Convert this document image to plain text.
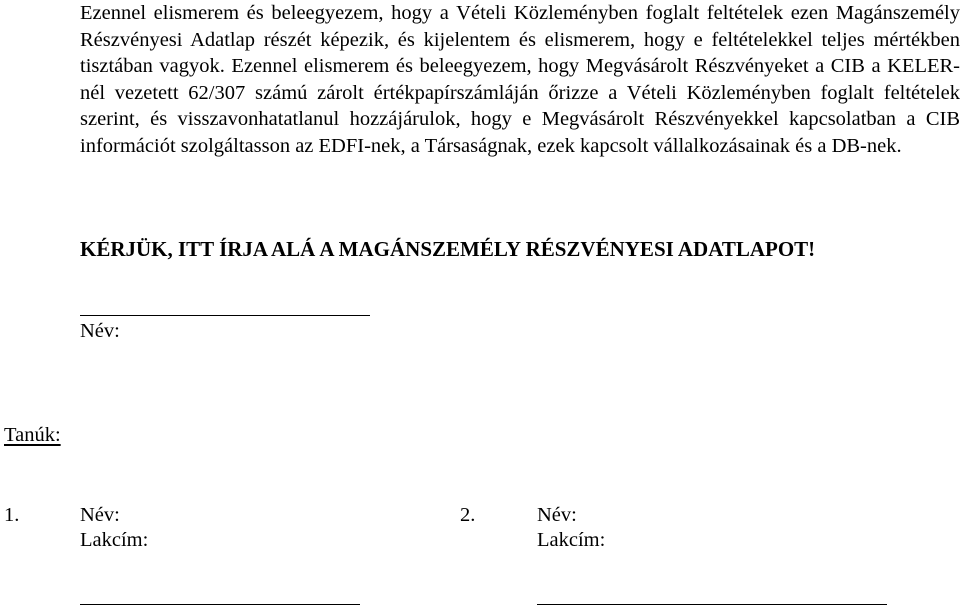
Ezennel elismerem és beleegyezem, hogy a Vételi Közleményben foglalt feltételek ezen Magánszemély Részvényesi Adatlap részét képezik, és kijelentem és elismerem, hogy e feltételekkel teljes mértékben tisztában vagyok. Ezennel elismerem és beleegyezem, hogy Megvásárolt Részvényeket a CIB a KELER-nél vezetett 62/307 számú zárolt értékpapírszámláján őrizze a Vételi Közleményben foglalt feltételek szerint, és visszavonhatatlanul hozzájárulok, hogy e Megvásárolt Részvényekkel kapcsolatban a CIB információt szolgáltasson az EDFI-nek, a Társaságnak, ezek kapcsolt vállalkozásainak és a DB-nek.

KÉRJÜK, ITT ÍRJA ALÁ A MAGÁNSZEMÉLY RÉSZVÉNYESI ADATLAPOT!

Név:
Tanúk:
1.	Név:
Lakcím:
2.	Név:
Lakcím:
